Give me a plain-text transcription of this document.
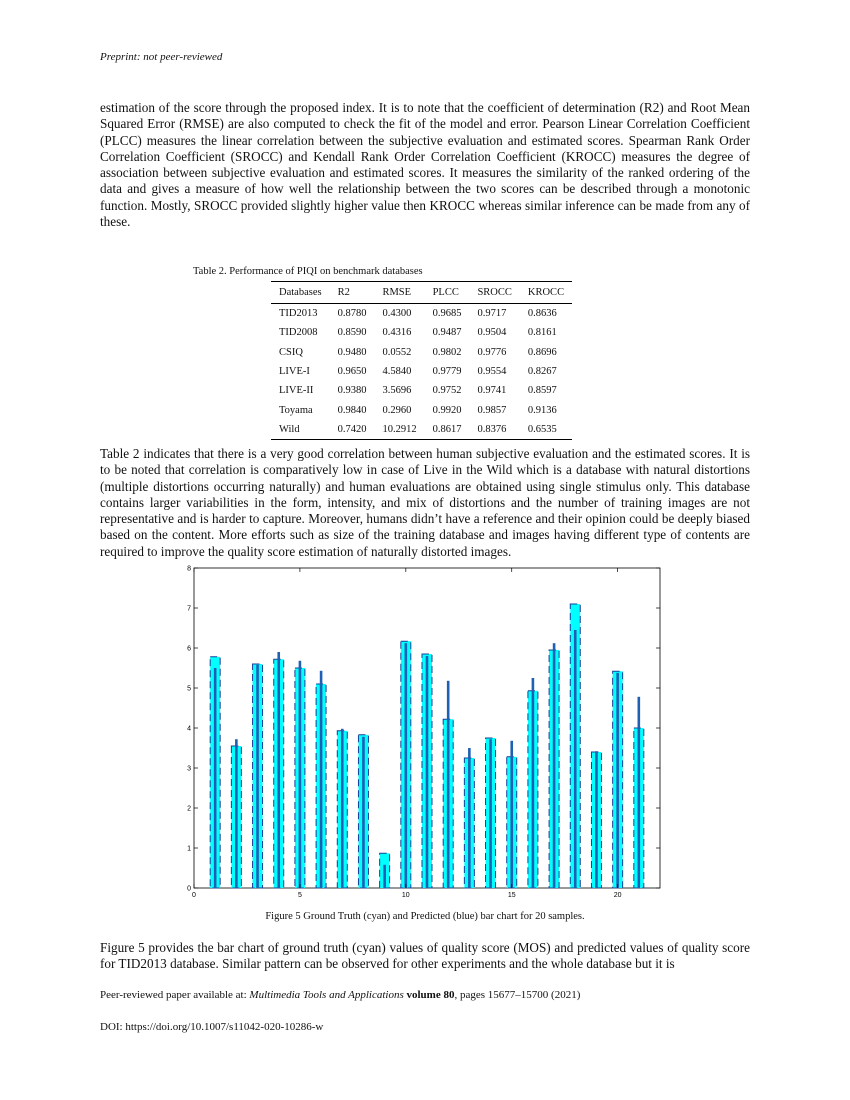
Preprint: not peer-reviewed

estimation of the score through the proposed index. It is to note that the coefficient of determination (R2) and Root Mean Squared Error (RMSE) are also computed to check the fit of the model and error. Pearson Linear Correlation Coefficient (PLCC) measures the linear correlation between the subjective evaluation and estimated scores. Spearman Rank Order Correlation Coefficient (SROCC) and Kendall Rank Order Correlation Coefficient (KROCC) measures the degree of association between subjective evaluation and estimated scores. It measures the similarity of the ranked ordering of the data and gives a measure of how well the relationship between the two scores can be described through a monotonic function. Mostly, SROCC provided slightly higher value then KROCC whereas similar inference can be made from any of these.

Table 2. Performance of PIQI on benchmark databases
Databases	R2	RMSE	PLCC	SROCC	KROCC
TID2013	0.8780	0.4300	0.9685	0.9717	0.8636
TID2008	0.8590	0.4316	0.9487	0.9504	0.8161
CSIQ	0.9480	0.0552	0.9802	0.9776	0.8696
LIVE-I	0.9650	4.5840	0.9779	0.9554	0.8267
LIVE-II	0.9380	3.5696	0.9752	0.9741	0.8597
Toyama	0.9840	0.2960	0.9920	0.9857	0.9136
Wild	0.7420	10.2912	0.8617	0.8376	0.6535

Table 2 indicates that there is a very good correlation between human subjective evaluation and the estimated scores. It is to be noted that correlation is comparatively low in case of Live in the Wild which is a database with natural distortions (multiple distortions occurring naturally) and human evaluations are obtained using single stimulus only. This database contains larger variabilities in the form, intensity, and mix of distortions and the number of training images are not representative and is harder to capture. Moreover, humans didn’t have a reference and their opinion could be deeply biased based on the content. More efforts such as size of the training database and images having different type of contents are required to improve the quality score estimation of naturally distorted images.

0
1
2
3
4
5
6
7
8
0	5	10	15	20
Figure 5 Ground Truth (cyan) and Predicted (blue) bar chart for 20 samples.

Figure 5 provides the bar chart of ground truth (cyan) values of quality score (MOS) and predicted values of quality score for TID2013 database. Similar pattern can be observed for other experiments and the whole database but it is

Peer-reviewed paper available at: Multimedia Tools and Applications volume 80, pages 15677–15700 (2021)
DOI: https://doi.org/10.1007/s11042-020-10286-w
